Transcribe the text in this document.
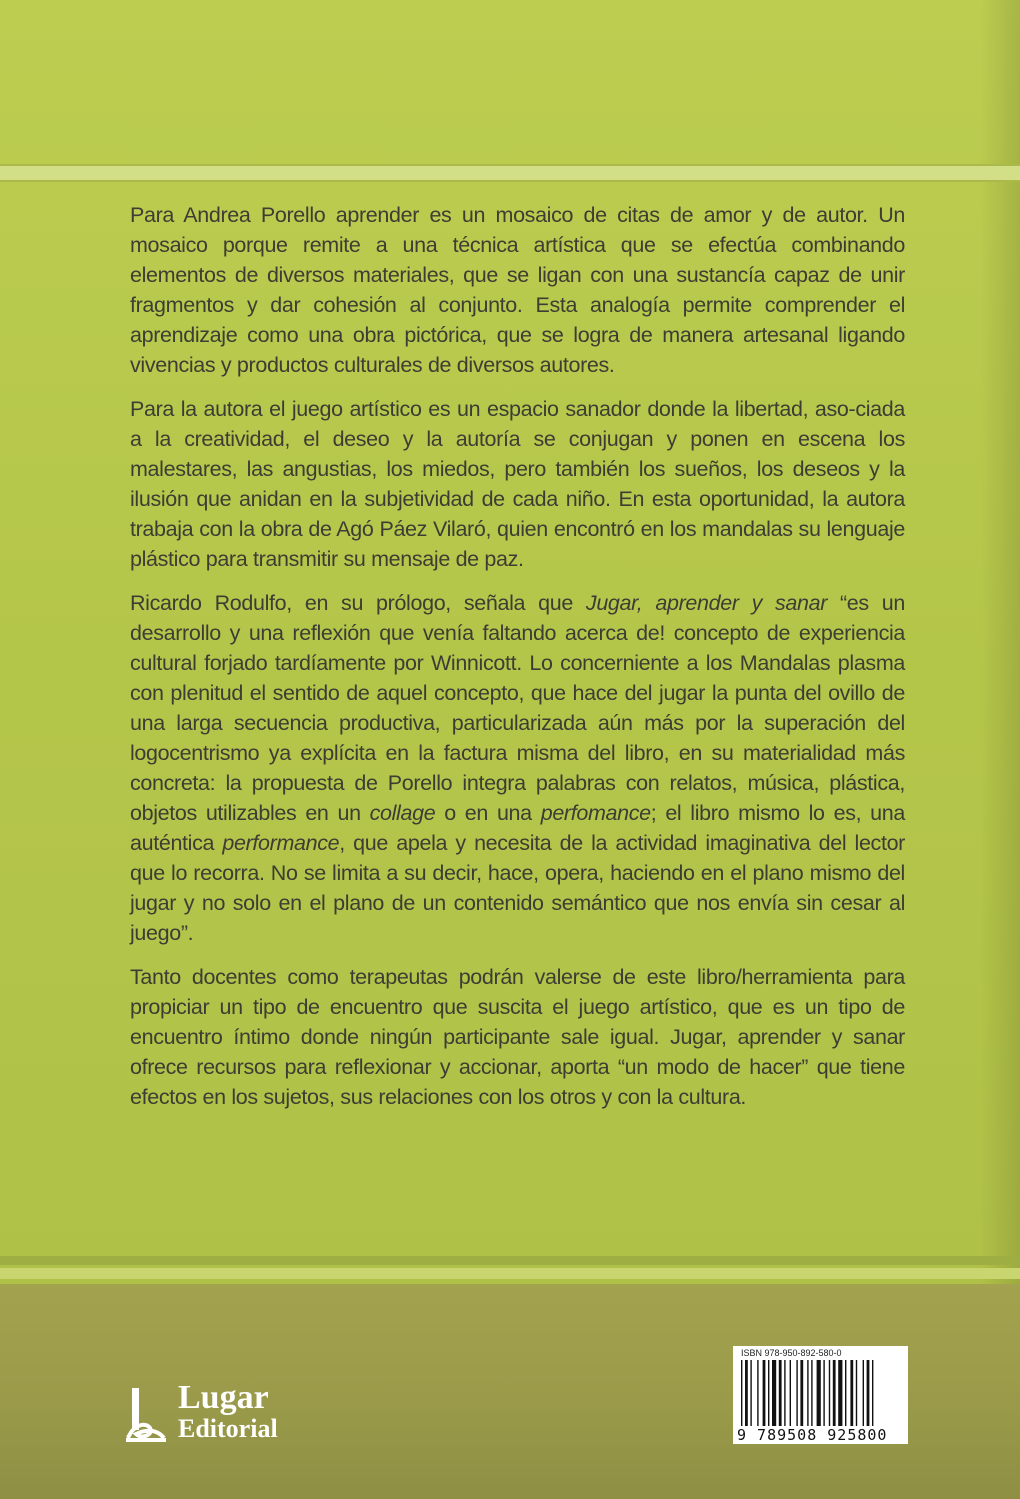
Para Andrea Porello aprender es un mosaico de citas de amor y de autor. Un mosaico porque remite a una técnica artística que se efectúa combinando elementos de diversos materiales, que se ligan con una sustancía capaz de unir fragmentos y dar cohesión al conjunto. Esta analogía permite comprender el aprendizaje como una obra pictórica, que se logra de manera artesanal ligando vivencias y productos culturales de diversos autores.

Para la autora el juego artístico es un espacio sanador donde la libertad, aso-ciada a la creatividad, el deseo y la autoría se conjugan y ponen en escena los malestares, las angustias, los miedos, pero también los sueños, los deseos y la ilusión que anidan en la subjetividad de cada niño. En esta oportunidad, la autora trabaja con la obra de Agó Páez Vilaró, quien encontró en los mandalas su lenguaje plástico para transmitir su mensaje de paz.

Ricardo Rodulfo, en su prólogo, señala que Jugar, aprender y sanar “es un desarrollo y una reflexión que venía faltando acerca de! concepto de experiencia cultural forjado tardíamente por Winnicott. Lo concerniente a los Mandalas plasma con plenitud el sentido de aquel concepto, que hace del jugar la punta del ovillo de una larga secuencia productiva, particularizada aún más por la superación del logocentrismo ya explícita en la factura misma del libro, en su materialidad más concreta: la propuesta de Porello integra palabras con relatos, música, plástica, objetos utilizables en un collage o en una perfomance; el libro mismo lo es, una auténtica performance, que apela y necesita de la actividad imaginativa del lector que lo recorra. No se limita a su decir, hace, opera, haciendo en el plano mismo del jugar y no solo en el plano de un contenido semántico que nos envía sin cesar al juego”.

Tanto docentes como terapeutas podrán valerse de este libro/herramienta para propiciar un tipo de encuentro que suscita el juego artístico, que es un tipo de encuentro íntimo donde ningún participante sale igual. Jugar, aprender y sanar ofrece recursos para reflexionar y accionar, aporta “un modo de hacer” que tiene efectos en los sujetos, sus relaciones con los otros y con la cultura.

Lugar
Editorial
ISBN 978-950-892-580-0
9 789508 925800
